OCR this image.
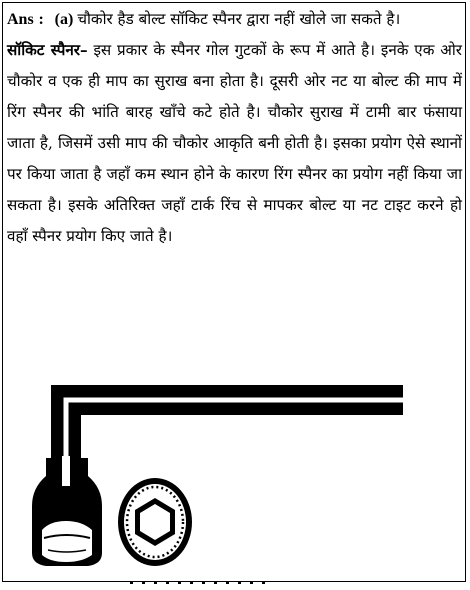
Ans : (a) चौकोर हैड बोल्ट सॉकिट स्पैनर द्वारा नहीं खोले जा सकते है।

सॉकिट स्पैनर– इस प्रकार के स्पैनर गोल गुटकों के रूप में आते है। इनके एक ओर चौकोर व एक ही माप का सुराख बना होता है। दूसरी ओर नट या बोल्ट की माप में रिंग स्पैनर की भांति बारह खाँचे कटे होते है। चौकोर सुराख में टामी बार फंसाया जाता है, जिसमें उसी माप की चौकोर आकृति बनी होती है। इसका प्रयोग ऐसे स्थानों पर किया जाता है जहाँ कम स्थान होने के कारण रिंग स्पैनर का प्रयोग नहीं किया जा सकता है। इसके अतिरिक्त जहाँ टार्क रिंच से मापकर बोल्ट या नट टाइट करने हो वहाँ स्पैनर प्रयोग किए जाते है।
